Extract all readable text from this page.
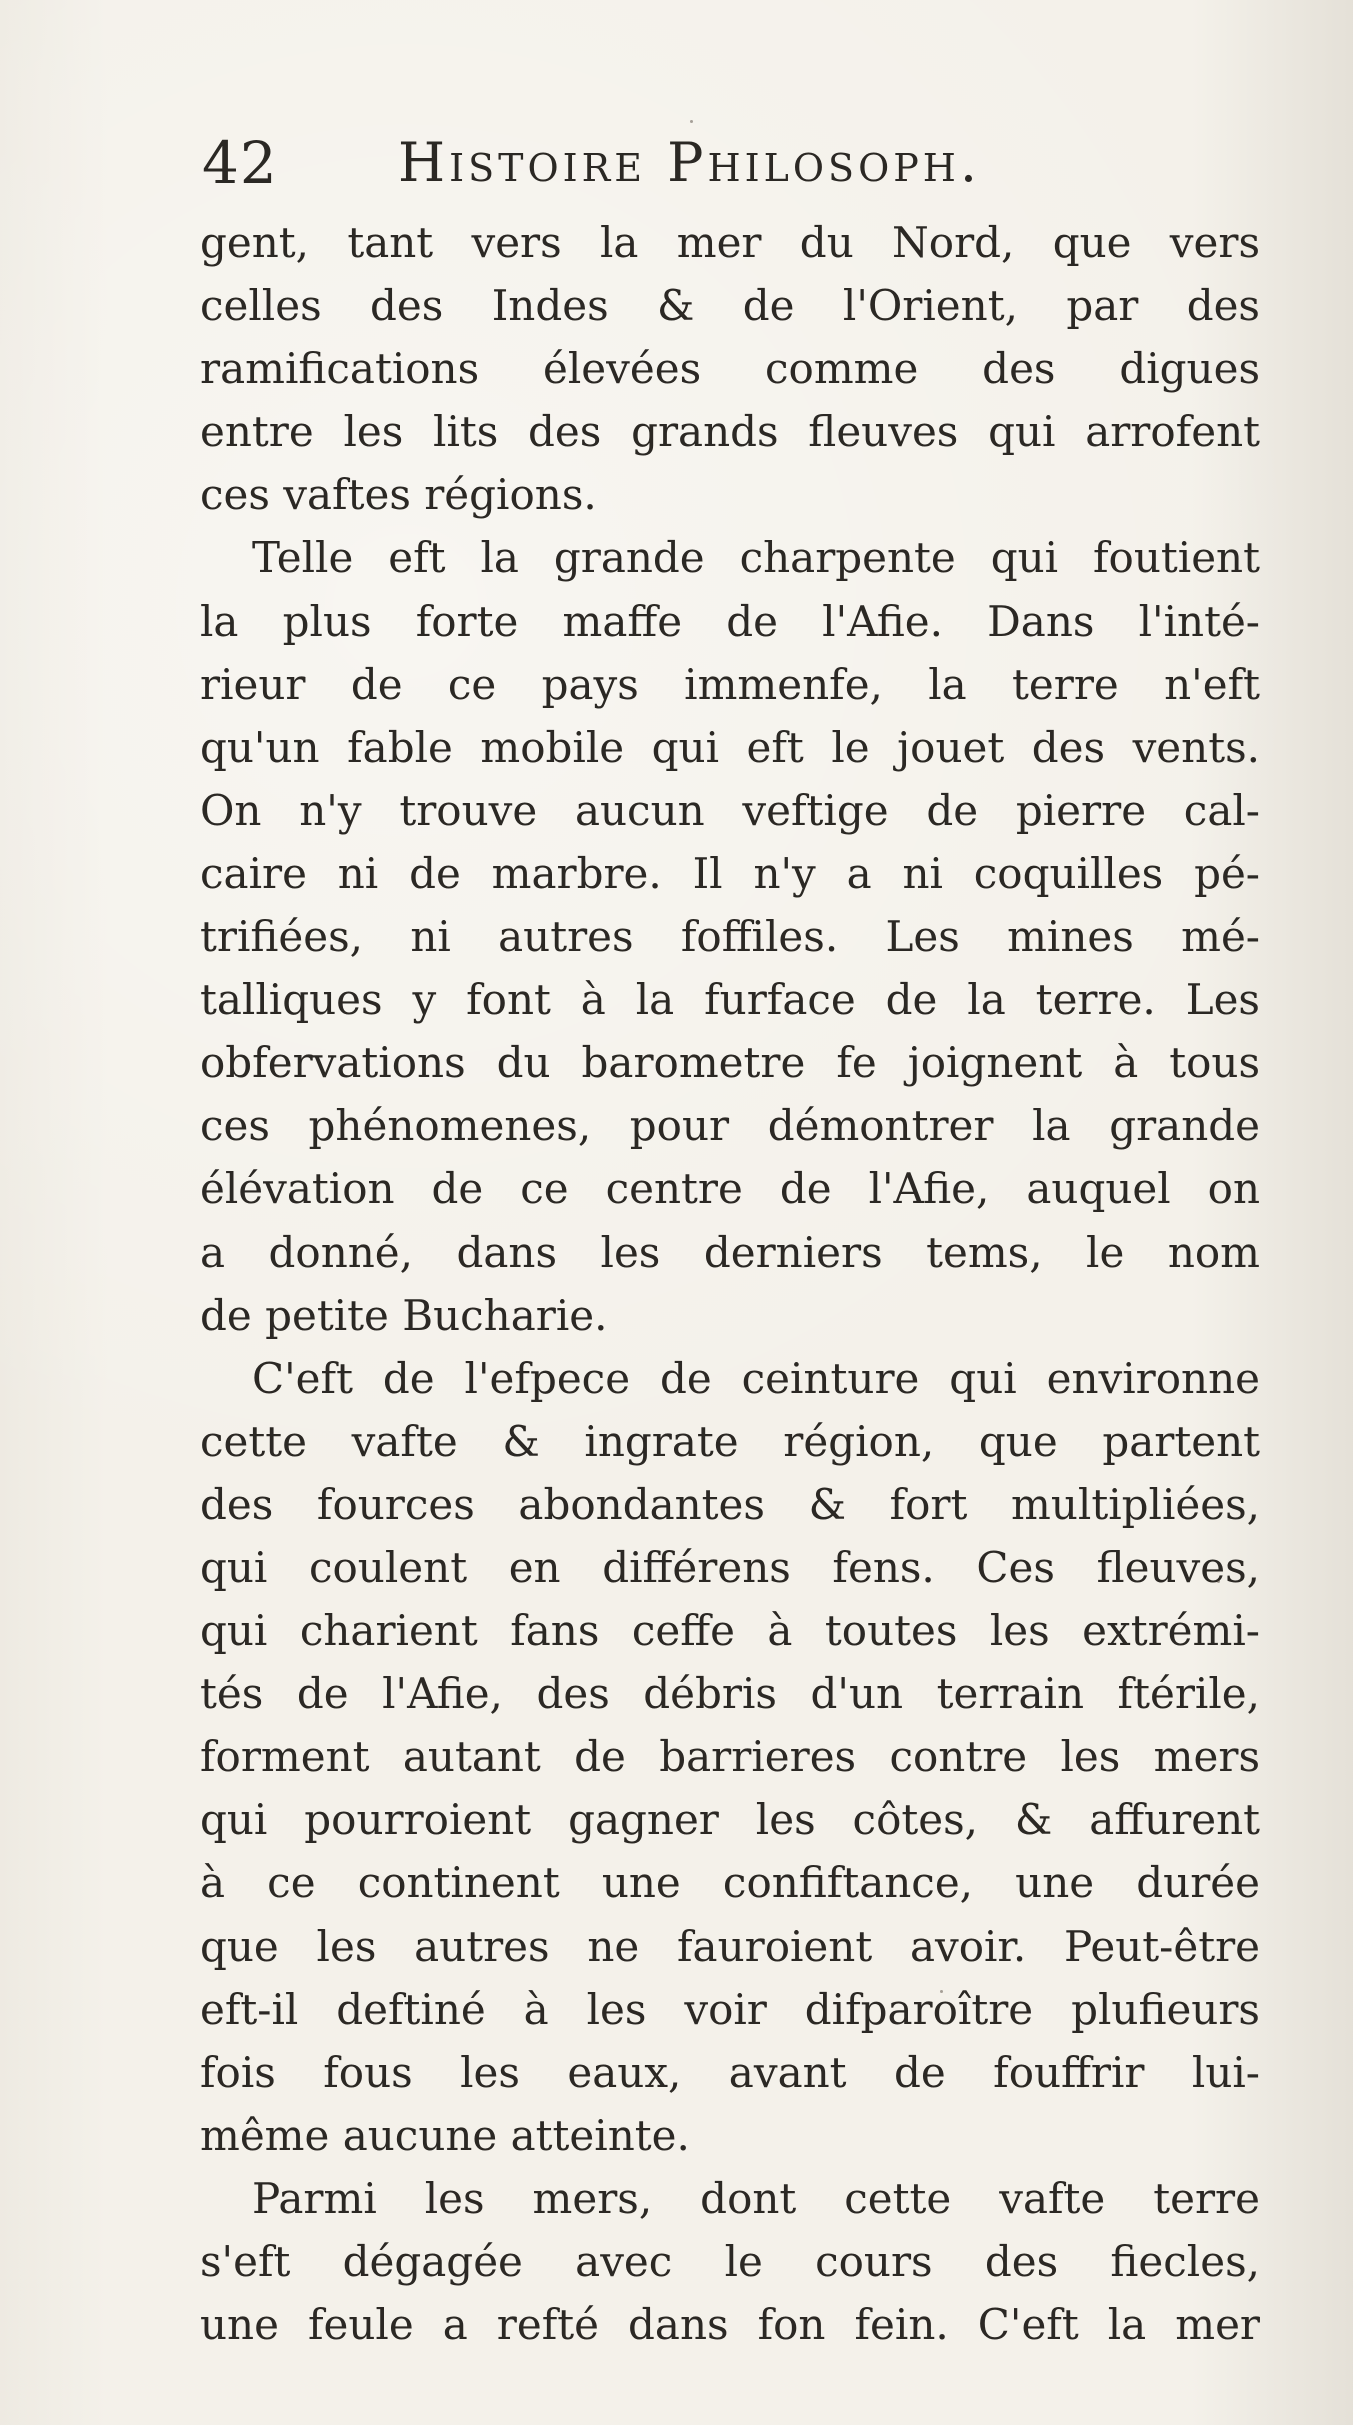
42 Histoire Philosoph.
gent, tant vers la mer du Nord, que vers
celles des Indes & de l'Orient, par des
ramifications élevées comme des digues
entre les lits des grands fleuves qui arrofent
ces vaftes régions.
Telle eft la grande charpente qui foutient
la plus forte maffe de l'Afie. Dans l'inté-
rieur de ce pays immenfe, la terre n'eft
qu'un fable mobile qui eft le jouet des vents.
On n'y trouve aucun veftige de pierre cal-
caire ni de marbre. Il n'y a ni coquilles pé-
trifiées, ni autres foffiles. Les mines mé-
talliques y font à la furface de la terre. Les
obfervations du barometre fe joignent à tous
ces phénomenes, pour démontrer la grande
élévation de ce centre de l'Afie, auquel on
a donné, dans les derniers tems, le nom
de petite Bucharie.
C'eft de l'efpece de ceinture qui environne
cette vafte & ingrate région, que partent
des fources abondantes & fort multipliées,
qui coulent en différens fens. Ces fleuves,
qui charient fans ceffe à toutes les extrémi-
tés de l'Afie, des débris d'un terrain ftérile,
forment autant de barrieres contre les mers
qui pourroient gagner les côtes, & affurent
à ce continent une confiftance, une durée
que les autres ne fauroient avoir. Peut-être
eft-il deftiné à les voir difparoître plufieurs
fois fous les eaux, avant de fouffrir lui-
même aucune atteinte.
Parmi les mers, dont cette vafte terre
s'eft dégagée avec le cours des fiecles,
une feule a refté dans fon fein. C'eft la mer
